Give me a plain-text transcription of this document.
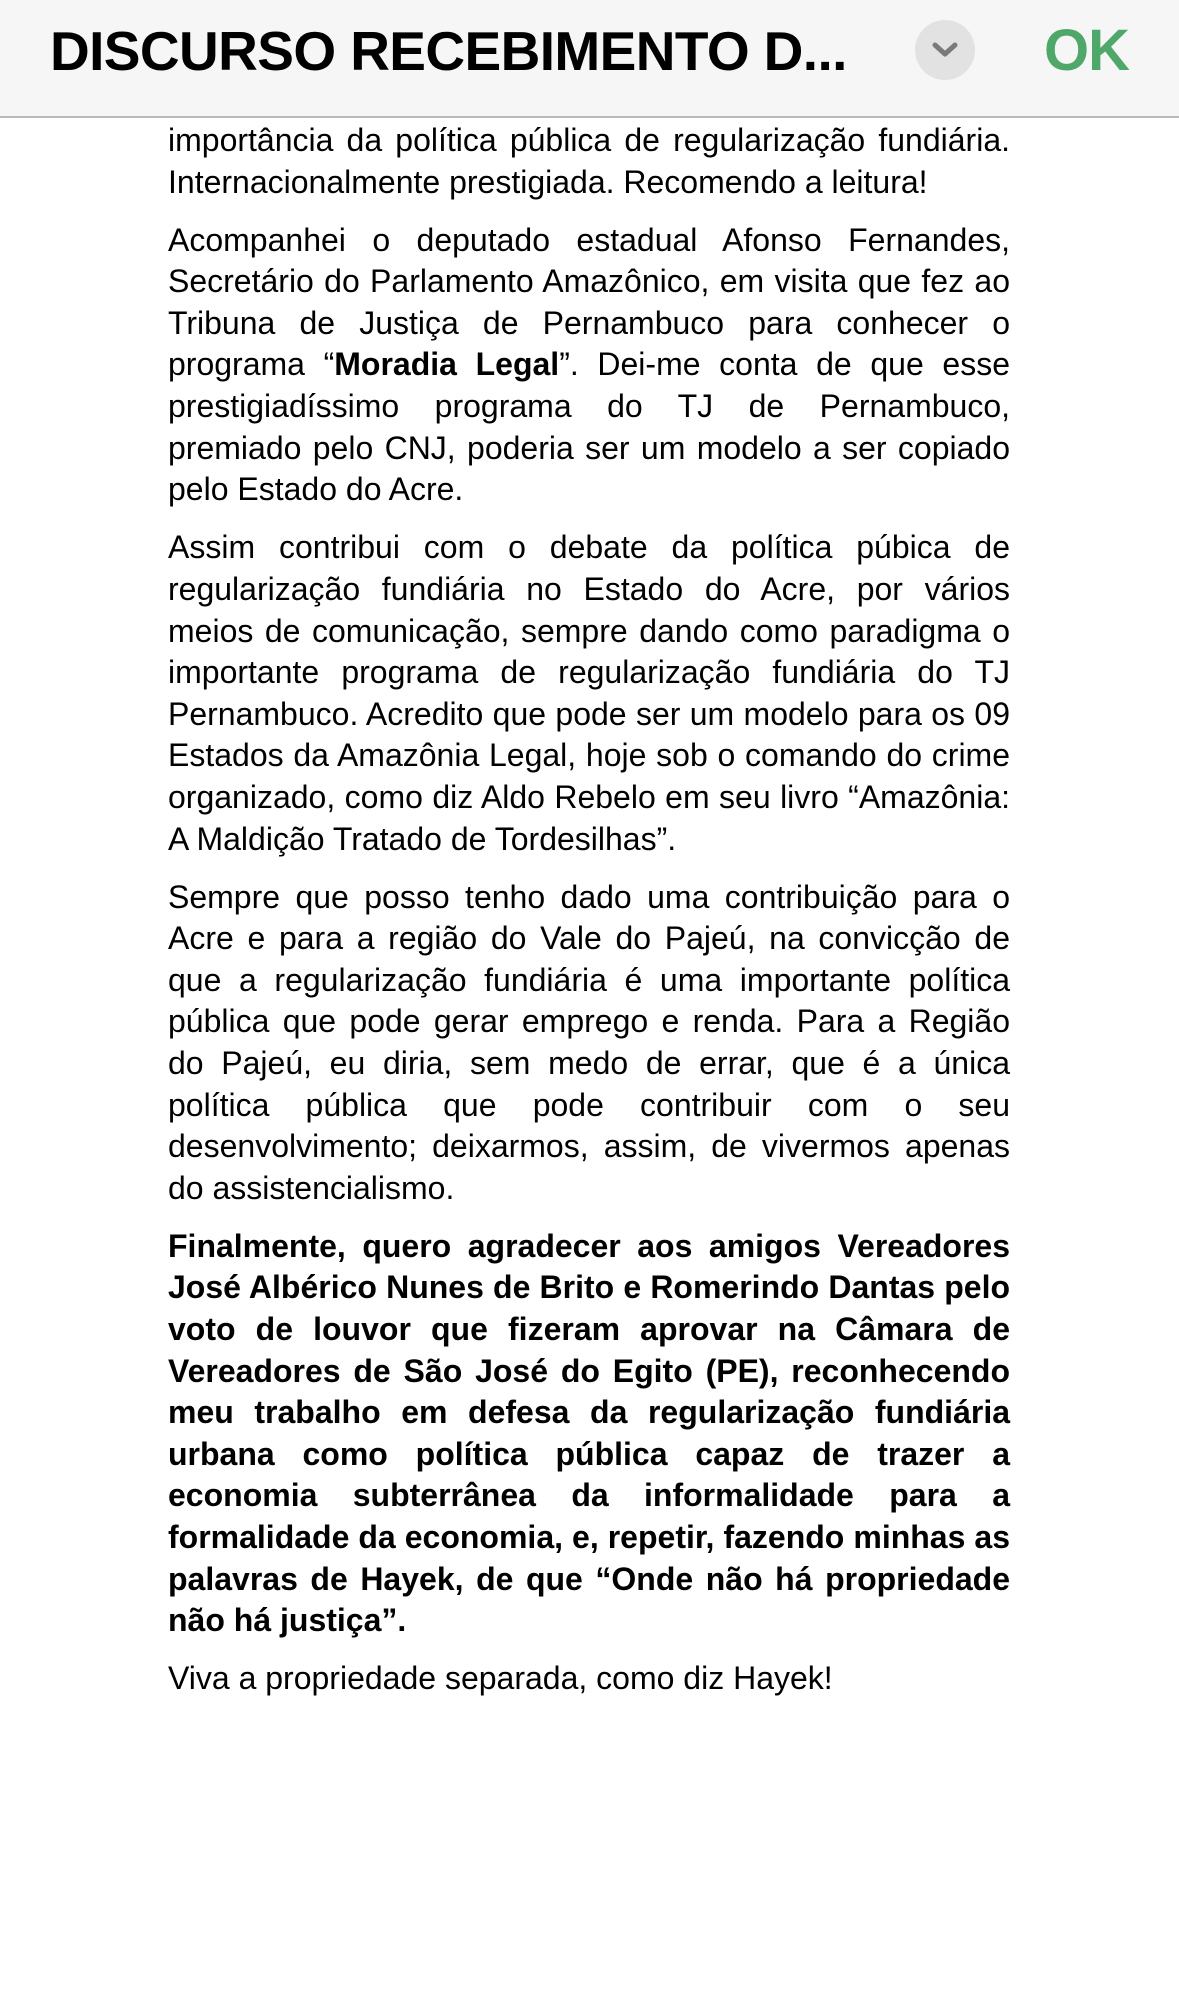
DISCURSO RECEBIMENTO D...	OK

importância da política pública de regularização fundiária. Internacionalmente prestigiada. Recomendo a leitura!

Acompanhei o deputado estadual Afonso Fernandes, Secretário do Parlamento Amazônico, em visita que fez ao Tribuna de Justiça de Pernambuco para conhecer o programa “Moradia Legal”. Dei-me conta de que esse prestigiadíssimo programa do TJ de Pernambuco, premiado pelo CNJ, poderia ser um modelo a ser copiado pelo Estado do Acre.

Assim contribui com o debate da política púbica de regularização fundiária no Estado do Acre, por vários meios de comunicação, sempre dando como paradigma o importante programa de regularização fundiária do TJ Pernambuco. Acredito que pode ser um modelo para os 09 Estados da Amazônia Legal, hoje sob o comando do crime organizado, como diz Aldo Rebelo em seu livro “Amazônia: A Maldição Tratado de Tordesilhas”.

Sempre que posso tenho dado uma contribuição para o Acre e para a região do Vale do Pajeú, na convicção de que a regularização fundiária é uma importante política pública que pode gerar emprego e renda. Para a Região do Pajeú, eu diria, sem medo de errar, que é a única política pública que pode contribuir com o seu desenvolvimento; deixarmos, assim, de vivermos apenas do assistencialismo.

Finalmente, quero agradecer aos amigos Vereadores José Albérico Nunes de Brito e Romerindo Dantas pelo voto de louvor que fizeram aprovar na Câmara de Vereadores de São José do Egito (PE), reconhecendo meu trabalho em defesa da regularização fundiária urbana como política pública capaz de trazer a economia subterrânea da informalidade para a formalidade da economia, e, repetir, fazendo minhas as palavras de Hayek, de que “Onde não há propriedade não há justiça”.

Viva a propriedade separada, como diz Hayek!
